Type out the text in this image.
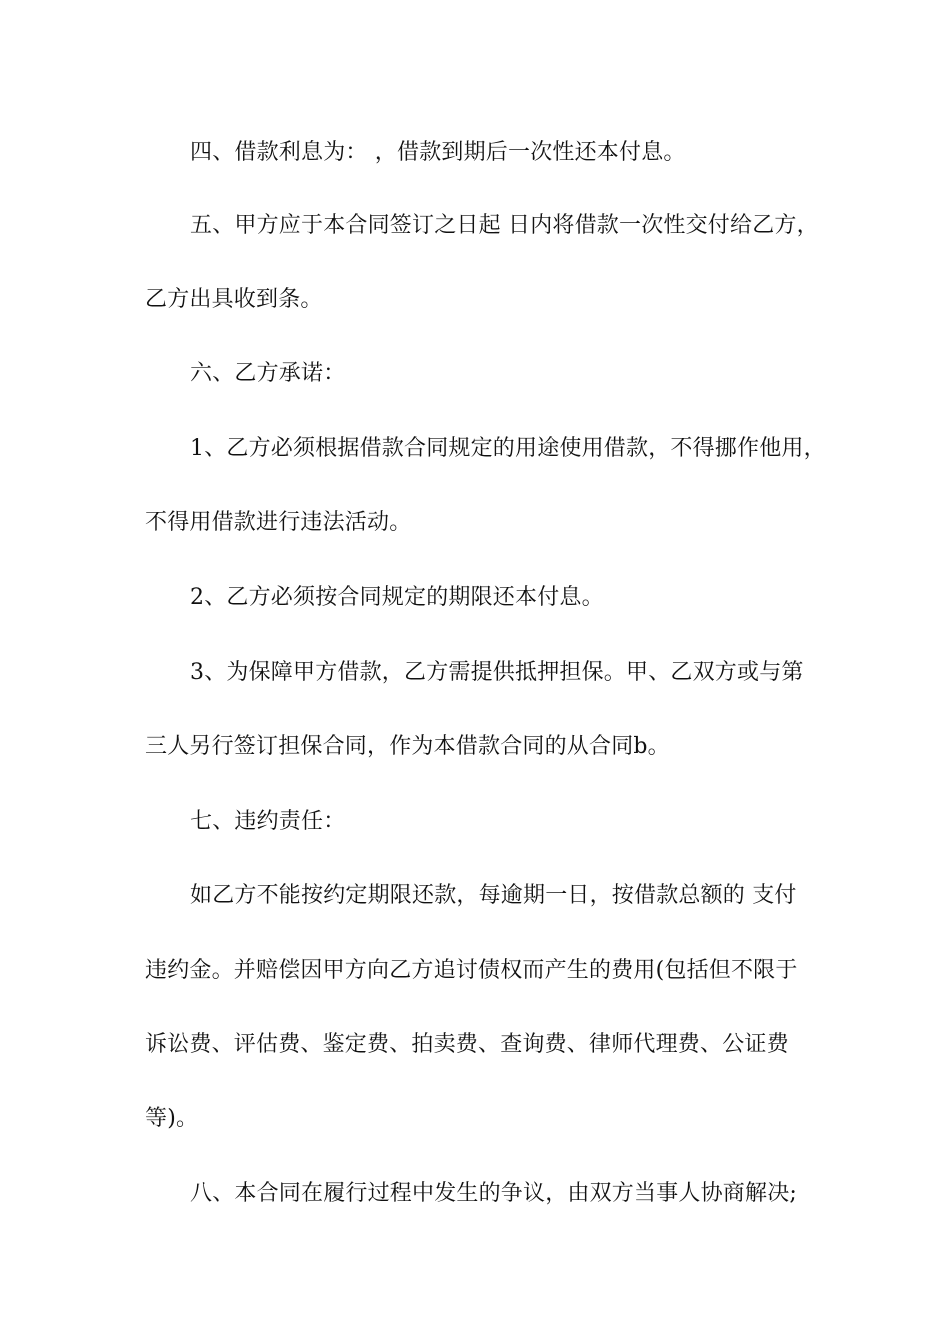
四、借款利息为： ，借款到期后一次性还本付息。
五、甲方应于本合同签订之日起 日内将借款一次性交付给乙方，
乙方出具收到条。
六、乙方承诺：
1、乙方必须根据借款合同规定的用途使用借款，不得挪作他用，
不得用借款进行违法活动。
2、乙方必须按合同规定的期限还本付息。
3、为保障甲方借款，乙方需提供抵押担保。甲、乙双方或与第
三人另行签订担保合同，作为本借款合同的从合同b。
七、违约责任：
如乙方不能按约定期限还款，每逾期一日，按借款总额的 支付
违约金。并赔偿因甲方向乙方追讨债权而产生的费用(包括但不限于
诉讼费、评估费、鉴定费、拍卖费、查询费、律师代理费、公证费
等)。
八、本合同在履行过程中发生的争议，由双方当事人协商解决;
